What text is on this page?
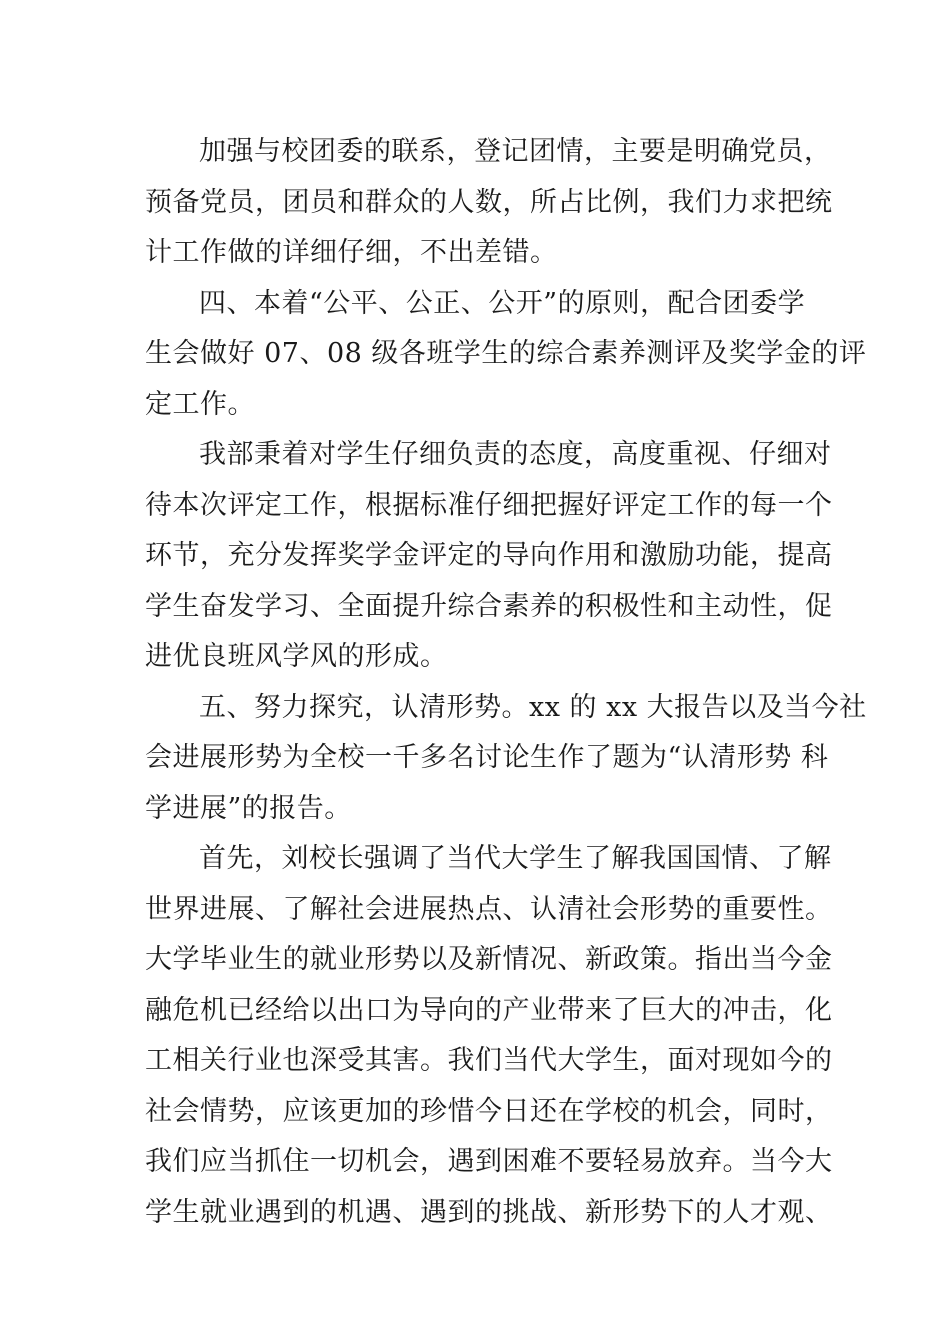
加强与校团委的联系，登记团情，主要是明确党员，
预备党员，团员和群众的人数，所占比例，我们力求把统
计工作做的详细仔细，不出差错。
四、本着“公平、公正、公开”的原则，配合团委学
生会做好 07、08 级各班学生的综合素养测评及奖学金的评
定工作。
我部秉着对学生仔细负责的态度，高度重视、仔细对
待本次评定工作，根据标准仔细把握好评定工作的每一个
环节，充分发挥奖学金评定的导向作用和激励功能，提高
学生奋发学习、全面提升综合素养的积极性和主动性，促
进优良班风学风的形成。
五、努力探究，认清形势。xx 的 xx 大报告以及当今社
会进展形势为全校一千多名讨论生作了题为“认清形势 科
学进展”的报告。
首先，刘校长强调了当代大学生了解我国国情、了解
世界进展、了解社会进展热点、认清社会形势的重要性。
大学毕业生的就业形势以及新情况、新政策。指出当今金
融危机已经给以出口为导向的产业带来了巨大的冲击，化
工相关行业也深受其害。我们当代大学生，面对现如今的
社会情势，应该更加的珍惜今日还在学校的机会，同时，
我们应当抓住一切机会，遇到困难不要轻易放弃。当今大
学生就业遇到的机遇、遇到的挑战、新形势下的人才观、
